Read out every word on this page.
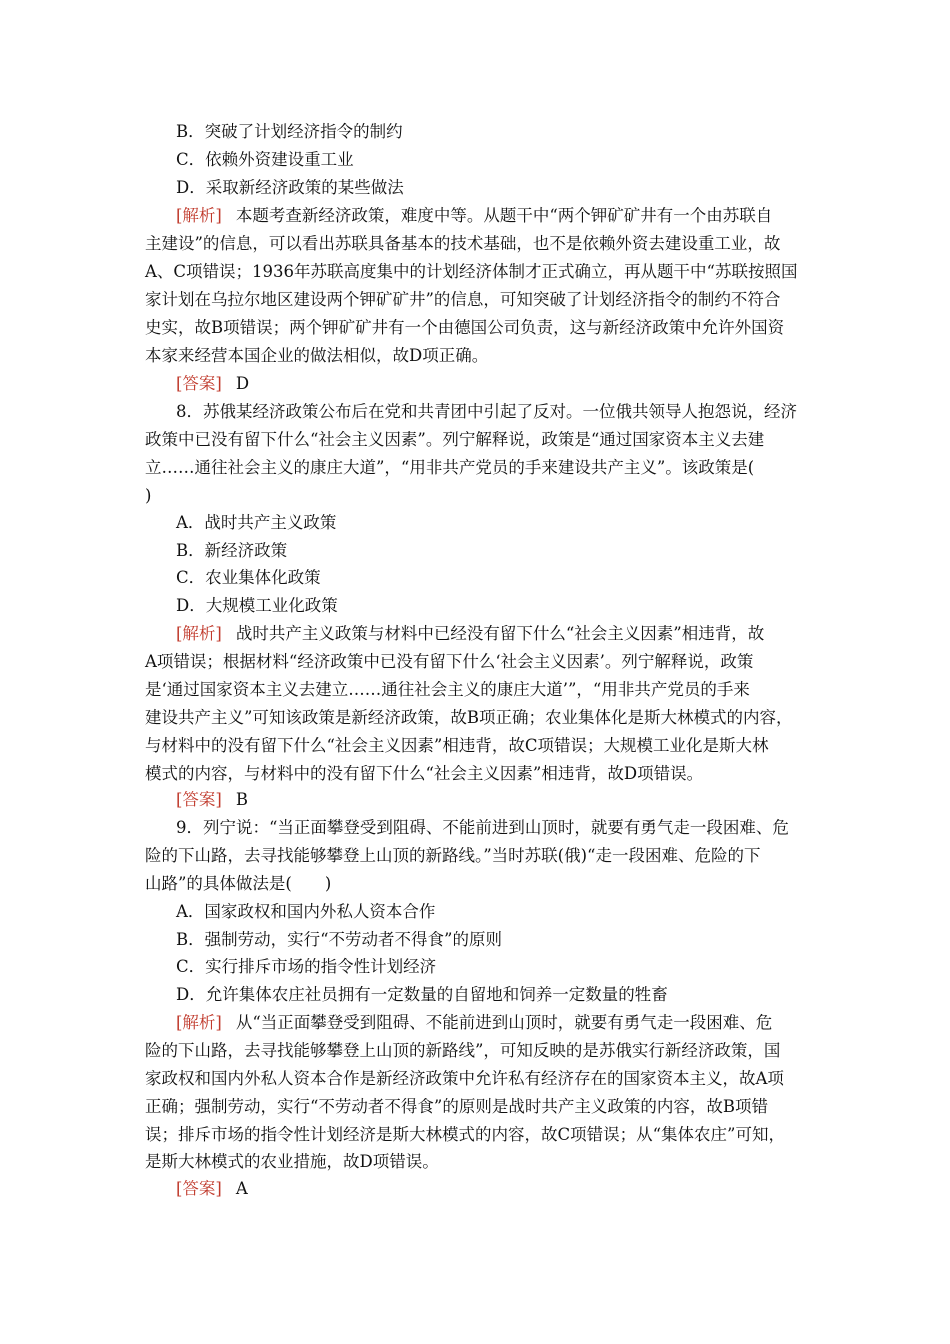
B．突破了计划经济指令的制约
C．依赖外资建设重工业
D．采取新经济政策的某些做法
[解析] 本题考查新经济政策，难度中等。从题干中“两个钾矿矿井有一个由苏联自
主建设”的信息，可以看出苏联具备基本的技术基础，也不是依赖外资去建设重工业，故
A、C项错误；1936年苏联高度集中的计划经济体制才正式确立，再从题干中“苏联按照国
家计划在乌拉尔地区建设两个钾矿矿井”的信息，可知突破了计划经济指令的制约不符合
史实，故B项错误；两个钾矿矿井有一个由德国公司负责，这与新经济政策中允许外国资
本家来经营本国企业的做法相似，故D项正确。
[答案] D
8．苏俄某经济政策公布后在党和共青团中引起了反对。一位俄共领导人抱怨说，经济
政策中已没有留下什么“社会主义因素”。列宁解释说，政策是“通过国家资本主义去建
立……通往社会主义的康庄大道”，“用非共产党员的手来建设共产主义”。该政策是(
)
A．战时共产主义政策
B．新经济政策
C．农业集体化政策
D．大规模工业化政策
[解析] 战时共产主义政策与材料中已经没有留下什么“社会主义因素”相违背，故
A项错误；根据材料“经济政策中已没有留下什么‘社会主义因素’。列宁解释说，政策
是‘通过国家资本主义去建立……通往社会主义的康庄大道’”，“用非共产党员的手来
建设共产主义”可知该政策是新经济政策，故B项正确；农业集体化是斯大林模式的内容，
与材料中的没有留下什么“社会主义因素”相违背，故C项错误；大规模工业化是斯大林
模式的内容，与材料中的没有留下什么“社会主义因素”相违背，故D项错误。
[答案] B
9．列宁说：“当正面攀登受到阻碍、不能前进到山顶时，就要有勇气走一段困难、危
险的下山路，去寻找能够攀登上山顶的新路线。”当时苏联(俄)“走一段困难、危险的下
山路”的具体做法是(　　)
A．国家政权和国内外私人资本合作
B．强制劳动，实行“不劳动者不得食”的原则
C．实行排斥市场的指令性计划经济
D．允许集体农庄社员拥有一定数量的自留地和饲养一定数量的牲畜
[解析] 从“当正面攀登受到阻碍、不能前进到山顶时，就要有勇气走一段困难、危
险的下山路，去寻找能够攀登上山顶的新路线”，可知反映的是苏俄实行新经济政策，国
家政权和国内外私人资本合作是新经济政策中允许私有经济存在的国家资本主义，故A项
正确；强制劳动，实行“不劳动者不得食”的原则是战时共产主义政策的内容，故B项错
误；排斥市场的指令性计划经济是斯大林模式的内容，故C项错误；从“集体农庄”可知，
是斯大林模式的农业措施，故D项错误。
[答案] A
